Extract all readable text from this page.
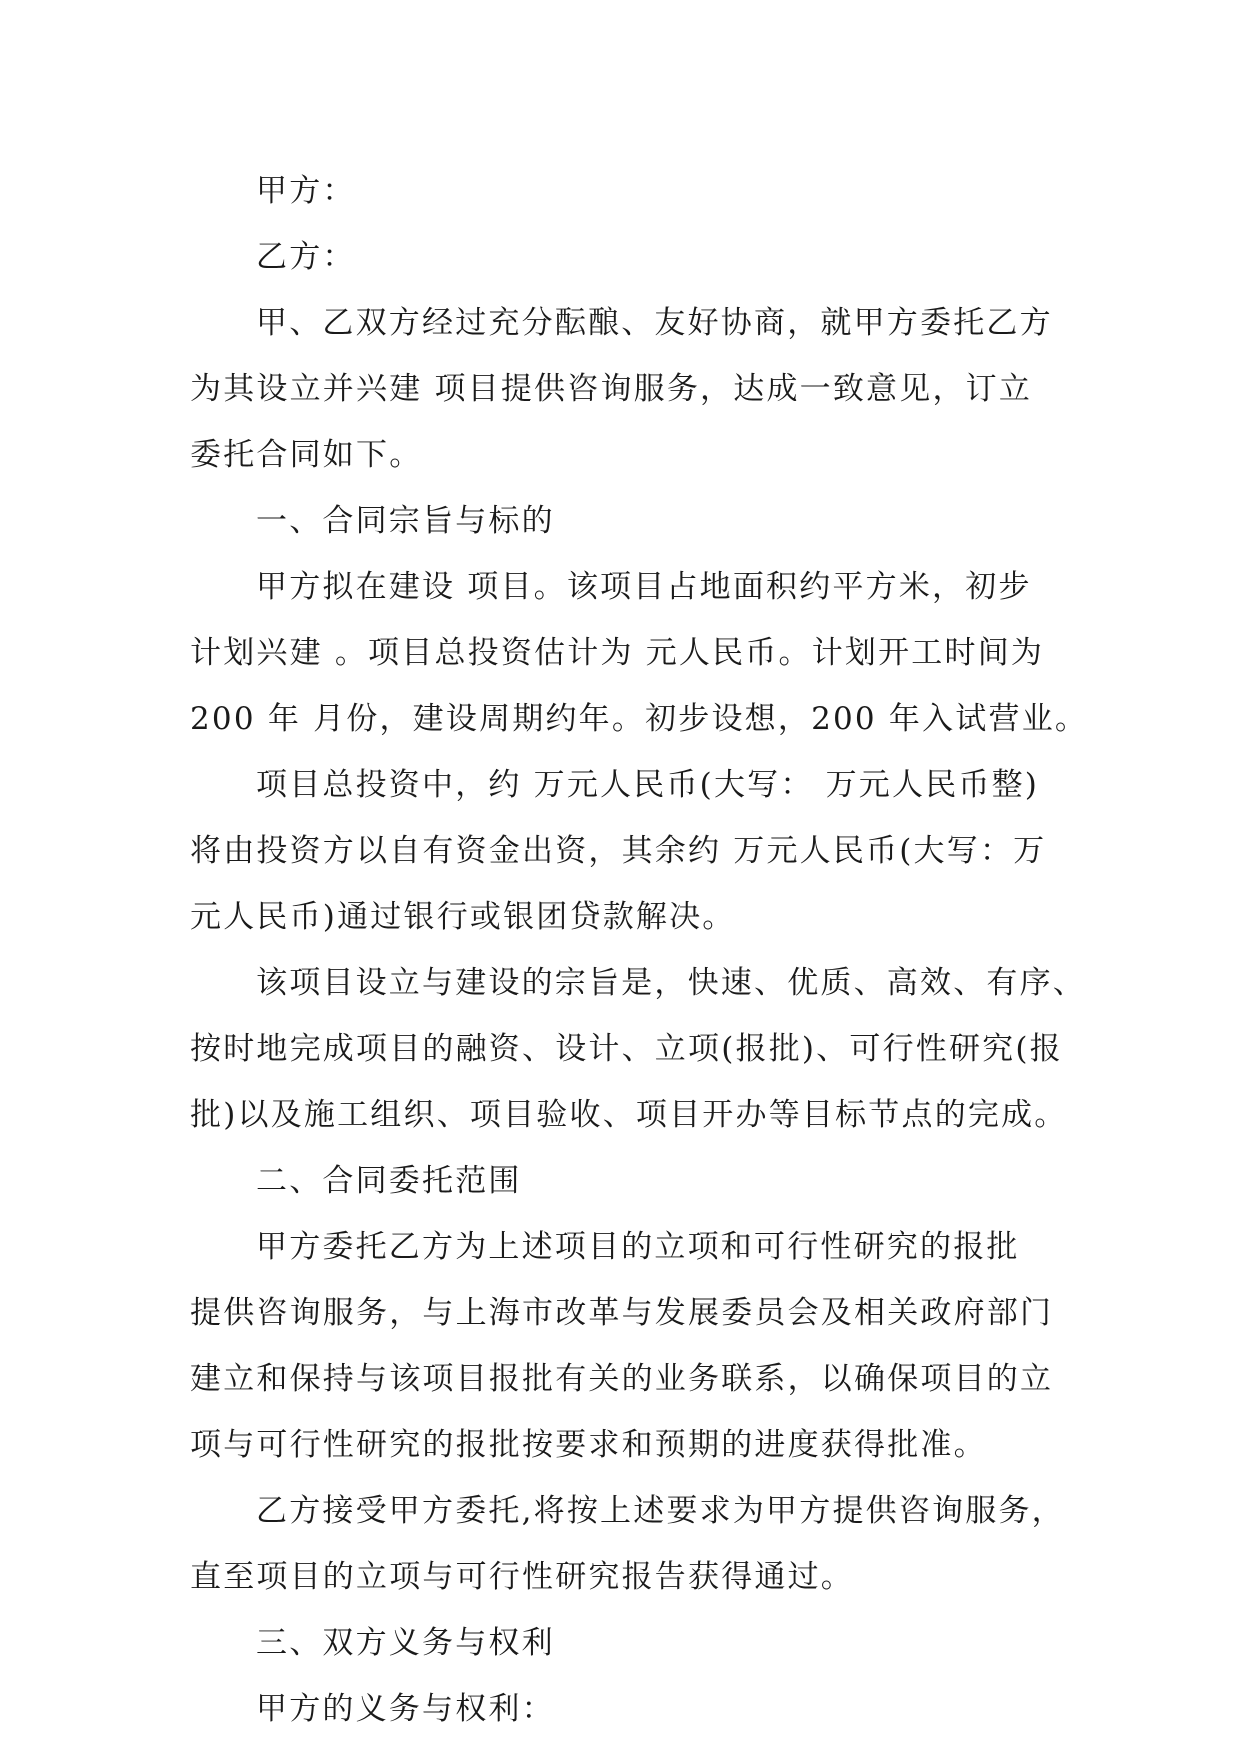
甲方：

乙方：

甲、乙双方经过充分酝酿、友好协商，就甲方委托乙方

为其设立并兴建 项目提供咨询服务，达成一致意见，订立

委托合同如下。

一、合同宗旨与标的

甲方拟在建设 项目。该项目占地面积约平方米，初步

计划兴建 。项目总投资估计为 元人民币。计划开工时间为

200 年 月份，建设周期约年。初步设想，200 年入试营业。

项目总投资中，约 万元人民币(大写： 万元人民币整)

将由投资方以自有资金出资，其余约 万元人民币(大写：万

元人民币)通过银行或银团贷款解决。

该项目设立与建设的宗旨是，快速、优质、高效、有序、

按时地完成项目的融资、设计、立项(报批)、可行性研究(报

批)以及施工组织、项目验收、项目开办等目标节点的完成。

二、合同委托范围

甲方委托乙方为上述项目的立项和可行性研究的报批

提供咨询服务，与上海市改革与发展委员会及相关政府部门

建立和保持与该项目报批有关的业务联系，以确保项目的立

项与可行性研究的报批按要求和预期的进度获得批准。

乙方接受甲方委托,将按上述要求为甲方提供咨询服务，

直至项目的立项与可行性研究报告获得通过。

三、双方义务与权利

甲方的义务与权利：
